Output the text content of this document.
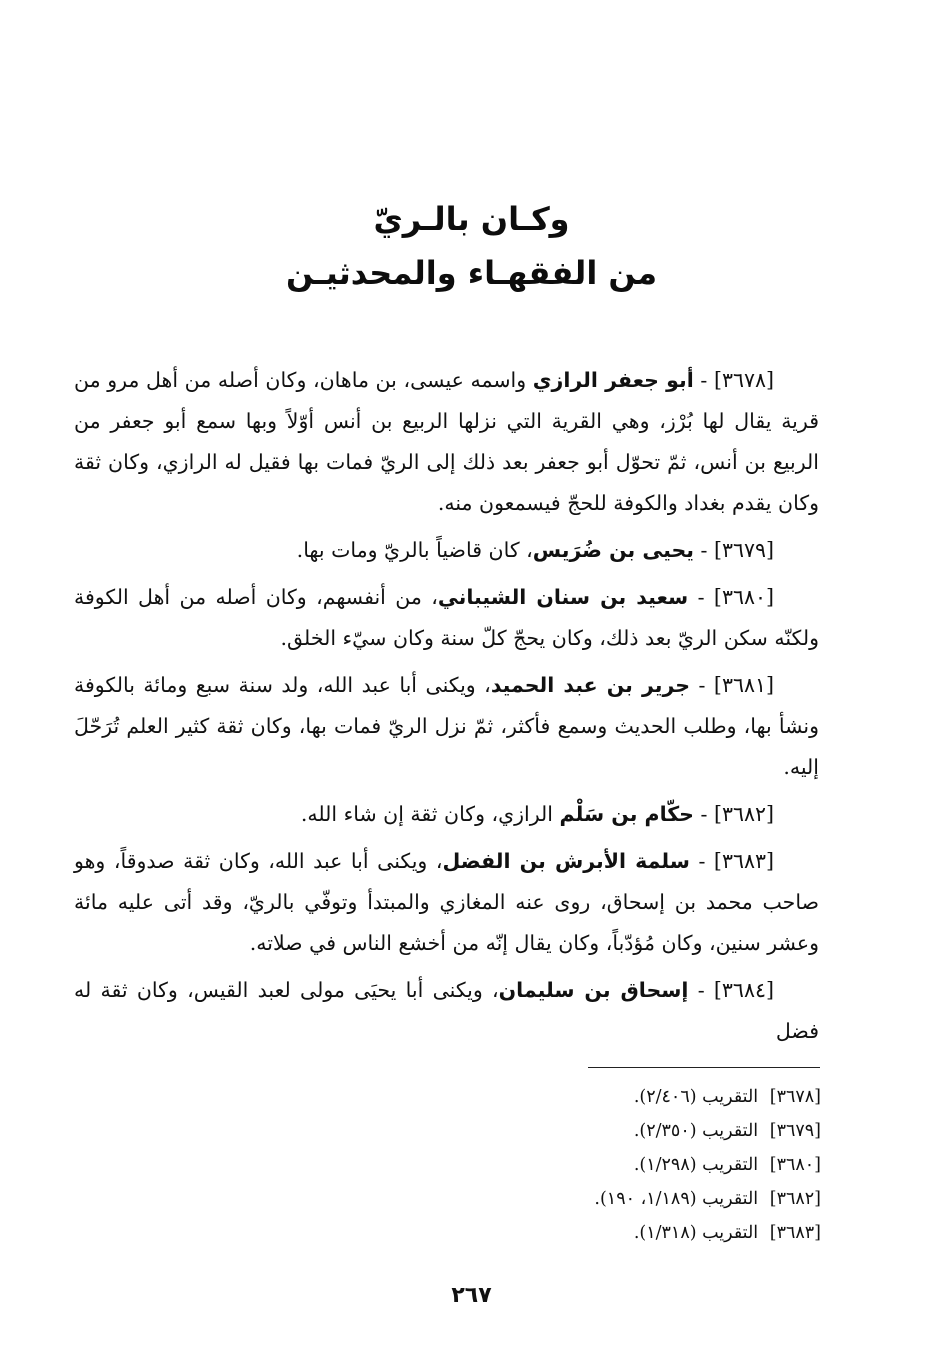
وكـان بالـريّ
من الفقهـاء والمحدثيـن

[٣٦٧٨] - أبو جعفر الرازي واسمه عيسى، بن ماهان، وكان أصله من أهل مرو من قرية يقال لها بُرْز، وهي القرية التي نزلها الربيع بن أنس أوّلاً وبها سمع أبو جعفر من الربيع بن أنس، ثمّ تحوّل أبو جعفر بعد ذلك إلى الريّ فمات بها فقيل له الرازي، وكان ثقة وكان يقدم بغداد والكوفة للحجّ فيسمعون منه.

[٣٦٧٩] - يحيى بن ضُرَيس، كان قاضياً بالريّ ومات بها.

[٣٦٨٠] - سعيد بن سنان الشيباني، من أنفسهم، وكان أصله من أهل الكوفة ولكنّه سكن الريّ بعد ذلك، وكان يحجّ كلّ سنة وكان سيّء الخلق.

[٣٦٨١] - جرير بن عبد الحميد، ويكنى أبا عبد الله، ولد سنة سبع ومائة بالكوفة ونشأ بها، وطلب الحديث وسمع فأكثر، ثمّ نزل الريّ فمات بها، وكان ثقة كثير العلم تُرَحّلَ إليه.

[٣٦٨٢] - حكّام بن سَلْم الرازي، وكان ثقة إن شاء الله.

[٣٦٨٣] - سلمة الأبرش بن الفضل، ويكنى أبا عبد الله، وكان ثقة صدوقاً، وهو صاحب محمد بن إسحاق، روى عنه المغازي والمبتدأ وتوفّي بالريّ، وقد أتى عليه مائة وعشر سنين، وكان مُؤدّباً، وكان يقال إنّه من أخشع الناس في صلاته.

[٣٦٨٤] - إسحاق بن سليمان، ويكنى أبا يحيَى مولى لعبد القيس، وكان ثقة له فضل

[٣٦٧٨] التقريب (٢/٤٠٦).
[٣٦٧٩] التقريب (٢/٣٥٠).
[٣٦٨٠] التقريب (١/٢٩٨).
[٣٦٨٢] التقريب (١/١٨٩، ١٩٠).
[٣٦٨٣] التقريب (١/٣١٨).
٢٦٧
